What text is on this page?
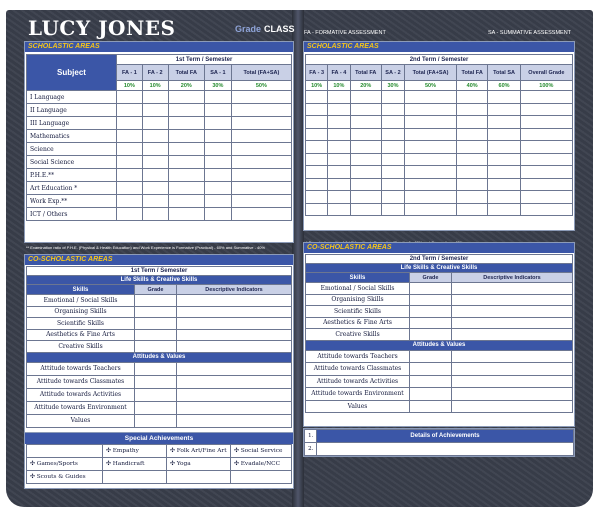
LUCY JONES	Grade CLASS FA - FORMATIVE ASSESSMENT	SA - SUMMATIVE ASSESSMENT
SCHOLASTIC AREAS
Subject	1st Term / Semester				
	FA - 1	FA - 2	Total FA	SA - 1	Total (FA+SA)
	10%	10%	20%	30%	50%
I Language					
II Language					
III Language					
Mathematics					
Science					
Social Science					
P.H.E.**					
Art Education *					
Work Exp.**					
ICT / Others					
** Examination ratio of P.H.E. (Physical & Health Education) and Work Experience is Formative (Practical) - 60% and Summative - 40%
SCHOLASTIC AREAS
2nd Term / Semester							
FA - 3	FA - 4	Total FA	SA - 2	Total (FA+SA)	Total FA	Total SA	Overall Grade
10%	10%	20%	30%	50%	40%	60%	100%

CO-SCHOLASTIC AREAS
1st Term / Semester		
Life Skills & Creative Skills		
Skills	Grade	Descriptive Indicators
Emotional / Social Skills		
Organising Skills		
Scientific Skills		
Aesthetics & Fine Arts		
Creative Skills		
Attitudes & Values		
Attitude towards Teachers		
Attitude towards Classmates		
Attitude towards Activities		
Attitude towards Environment		
Values		
CO-SCHOLASTIC AREAS
2nd Term / Semester		
Life Skills & Creative Skills		
Skills	Grade	Descriptive Indicators
Emotional / Social Skills		
Organising Skills		
Scientific Skills		
Aesthetics & Fine Arts		
Creative Skills		
Attitudes & Values		
Attitude towards Teachers		
Attitude towards Classmates		
Attitude towards Activities		
Attitude towards Environment		
Values		
Special Achievements
	✣ Empathy	✣ Folk Art/Fine Art	✣ Social Service
✣ Games/Sports	✣ Handicraft	✣ Yoga	✣ Evadale/NCC
✣ Scouts & Guides			
1.	Details of Achievements
2.	
